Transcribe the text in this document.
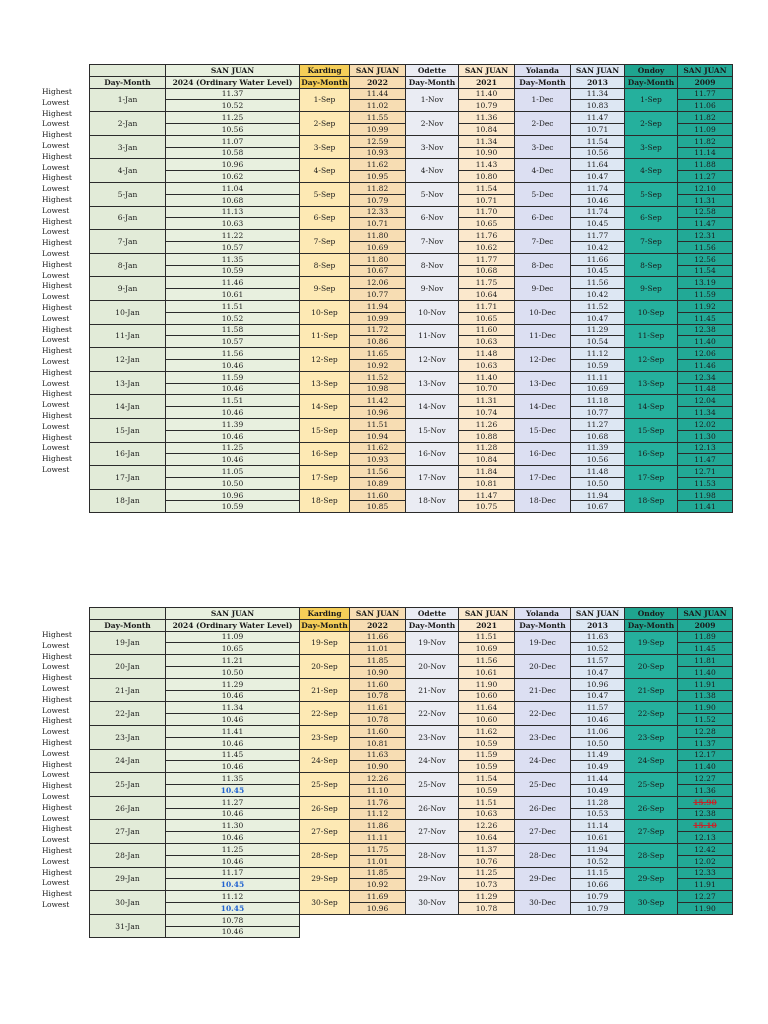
Highest
Lowest
Highest
Lowest
Highest
Lowest
Highest
Lowest
Highest
Lowest
Highest
Lowest
Highest
Lowest
Highest
Lowest
Highest
Lowest
Highest
Lowest
Highest
Lowest
Highest
Lowest
Highest
Lowest
Highest
Lowest
Highest
Lowest
Highest
Lowest
Highest
Lowest
Highest
Lowest
	SAN JUAN	Karding	SAN JUAN	Odette	SAN JUAN	Yolanda	SAN JUAN	Ondoy	SAN JUAN
Day-Month	2024 (Ordinary Water Level)	Day-Month	2022	Day-Month	2021	Day-Month	2013	Day-Month	2009
1-Jan	11.37	1-Sep	11.44	1-Nov	11.40	1-Dec	11.34	1-Sep	11.77
	10.52		11.02		10.79		10.83		11.06
2-Jan	11.25	2-Sep	11.55	2-Nov	11.36	2-Dec	11.47	2-Sep	11.82
	10.56		10.99		10.84		10.71		11.09
3-Jan	11.07	3-Sep	12.59	3-Nov	11.34	3-Dec	11.54	3-Sep	11.82
	10.58		10.93		10.90		10.56		11.14
4-Jan	10.96	4-Sep	11.62	4-Nov	11.43	4-Dec	11.64	4-Sep	11.88
	10.62		10.95		10.80		10.47		11.27
5-Jan	11.04	5-Sep	11.82	5-Nov	11.54	5-Dec	11.74	5-Sep	12.10
	10.68		10.79		10.71		10.46		11.31
6-Jan	11.13	6-Sep	12.33	6-Nov	11.70	6-Dec	11.74	6-Sep	12.58
	10.63		10.71		10.65		10.45		11.47
7-Jan	11.22	7-Sep	11.80	7-Nov	11.76	7-Dec	11.77	7-Sep	12.31
	10.57		10.69		10.62		10.42		11.56
8-Jan	11.35	8-Sep	11.80	8-Nov	11.77	8-Dec	11.66	8-Sep	12.56
	10.59		10.67		10.68		10.45		11.54
9-Jan	11.46	9-Sep	12.06	9-Nov	11.75	9-Dec	11.56	9-Sep	13.19
	10.61		10.77		10.64		10.42		11.59
10-Jan	11.51	10-Sep	11.94	10-Nov	11.71	10-Dec	11.52	10-Sep	11.92
	10.52		10.99		10.65		10.47		11.45
11-Jan	11.58	11-Sep	11.72	11-Nov	11.60	11-Dec	11.29	11-Sep	12.38
	10.57		10.86		10.63		10.54		11.40
12-Jan	11.56	12-Sep	11.65	12-Nov	11.48	12-Dec	11.12	12-Sep	12.06
	10.46		10.92		10.63		10.59		11.46
13-Jan	11.59	13-Sep	11.52	13-Nov	11.40	13-Dec	11.11	13-Sep	12.34
	10.46		10.98		10.70		10.69		11.48
14-Jan	11.51	14-Sep	11.42	14-Nov	11.31	14-Dec	11.18	14-Sep	12.04
	10.46		10.96		10.74		10.77		11.34
15-Jan	11.39	15-Sep	11.51	15-Nov	11.26	15-Dec	11.27	15-Sep	12.02
	10.46		10.94		10.88		10.68		11.30
16-Jan	11.25	16-Sep	11.62	16-Nov	11.28	16-Dec	11.39	16-Sep	12.13
	10.46		10.93		10.84		10.56		11.47
17-Jan	11.05	17-Sep	11.56	17-Nov	11.84	17-Dec	11.48	17-Sep	12.71
	10.50		10.89		10.81		10.50		11.53
18-Jan	10.96	18-Sep	11.60	18-Nov	11.47	18-Dec	11.94	18-Sep	11.98
	10.59		10.85		10.75		10.67		11.41
Highest
Lowest
Highest
Lowest
Highest
Lowest
Highest
Lowest
Highest
Lowest
Highest
Lowest
Highest
Lowest
Highest
Lowest
Highest
Lowest
Highest
Lowest
Highest
Lowest
Highest
Lowest
Highest
Lowest
	SAN JUAN	Karding	SAN JUAN	Odette	SAN JUAN	Yolanda	SAN JUAN	Ondoy	SAN JUAN
Day-Month	2024 (Ordinary Water Level)	Day-Month	2022	Day-Month	2021	Day-Month	2013	Day-Month	2009
19-Jan	11.09	19-Sep	11.66	19-Nov	11.51	19-Dec	11.63	19-Sep	11.89
	10.65		11.01		10.69		10.52		11.45
20-Jan	11.21	20-Sep	11.85	20-Nov	11.56	20-Dec	11.57	20-Sep	11.81
	10.50		10.90		10.61		10.47		11.40
21-Jan	11.29	21-Sep	11.60	21-Nov	11.90	21-Dec	10.96	21-Sep	11.91
	10.46		10.78		10.60		10.47		11.38
22-Jan	11.34	22-Sep	11.61	22-Nov	11.64	22-Dec	11.57	22-Sep	11.90
	10.46		10.78		10.60		10.46		11.52
23-Jan	11.41	23-Sep	11.60	23-Nov	11.62	23-Dec	11.06	23-Sep	12.28
	10.46		10.81		10.59		10.50		11.37
24-Jan	11.45	24-Sep	11.63	24-Nov	11.59	24-Dec	11.49	24-Sep	12.17
	10.46		10.90		10.59		10.49		11.40
25-Jan	11.35	25-Sep	12.26	25-Nov	11.54	25-Dec	11.44	25-Sep	12.27
	10.45		11.10		10.59		10.49		11.36
26-Jan	11.27	26-Sep	11.76	26-Nov	11.51	26-Dec	11.28	26-Sep	15.90
	10.46		11.12		10.63		10.53		12.38
27-Jan	11.30	27-Sep	11.86	27-Nov	12.26	27-Dec	11.14	27-Sep	15.10
	10.46		11.11		10.64		10.61		12.13
28-Jan	11.25	28-Sep	11.75	28-Nov	11.37	28-Dec	11.94	28-Sep	12.42
	10.46		11.01		10.76		10.52		12.02
29-Jan	11.17	29-Sep	11.85	29-Nov	11.25	29-Dec	11.15	29-Sep	12.33
	10.45		10.92		10.73		10.66		11.91
30-Jan	11.12	30-Sep	11.69	30-Nov	11.29	30-Dec	10.79	30-Sep	12.27
	10.45		10.96		10.78		10.79		11.90
31-Jan	10.78								
	10.46								
